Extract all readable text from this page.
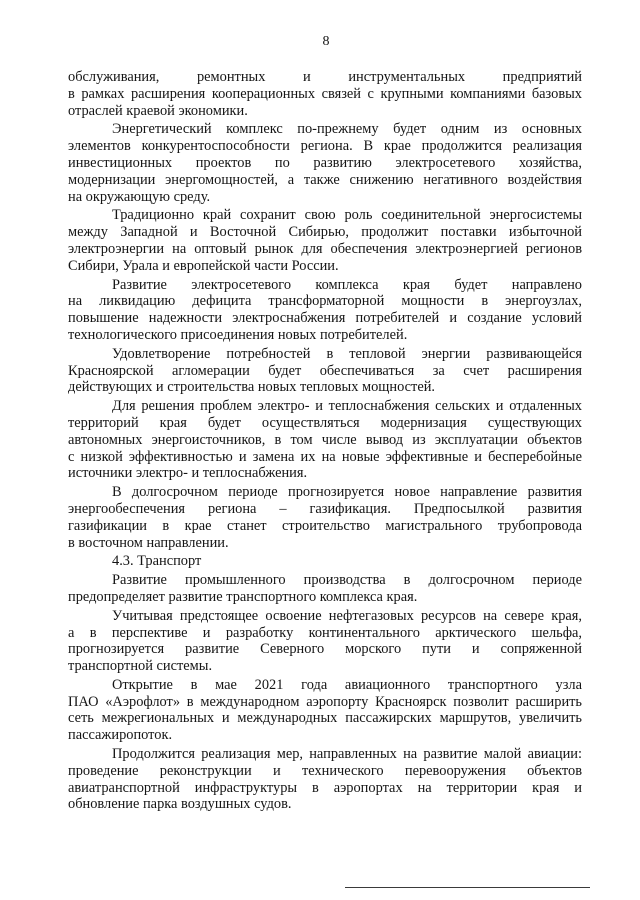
8
обслуживания, ремонтных и инструментальных предприятий
в рамках расширения кооперационных связей с крупными компаниями базовых
отраслей краевой экономики.
Энергетический комплекс по-прежнему будет одним из основных
элементов конкурентоспособности региона. В крае продолжится реализация
инвестиционных проектов по развитию электросетевого хозяйства,
модернизации энергомощностей, а также снижению негативного воздействия
на окружающую среду.
Традиционно край сохранит свою роль соединительной энергосистемы
между Западной и Восточной Сибирью, продолжит поставки избыточной
электроэнергии на оптовый рынок для обеспечения электроэнергией регионов
Сибири, Урала и европейской части России.
Развитие электросетевого комплекса края будет направлено
на ликвидацию дефицита трансформаторной мощности в энергоузлах,
повышение надежности электроснабжения потребителей и создание условий
технологического присоединения новых потребителей.
Удовлетворение потребностей в тепловой энергии развивающейся
Красноярской агломерации будет обеспечиваться за счет расширения
действующих и строительства новых тепловых мощностей.
Для решения проблем электро- и теплоснабжения сельских и отдаленных
территорий края будет осуществляться модернизация существующих
автономных энергоисточников, в том числе вывод из эксплуатации объектов
с низкой эффективностью и замена их на новые эффективные и бесперебойные
источники электро- и теплоснабжения.
В долгосрочном периоде прогнозируется новое направление развития
энергообеспечения региона – газификация. Предпосылкой развития
газификации в крае станет строительство магистрального трубопровода
в восточном направлении.
4.3. Транспорт
Развитие промышленного производства в долгосрочном периоде
предопределяет развитие транспортного комплекса края.
Учитывая предстоящее освоение нефтегазовых ресурсов на севере края,
а в перспективе и разработку континентального арктического шельфа,
прогнозируется развитие Северного морского пути и сопряженной
транспортной системы.
Открытие в мае 2021 года авиационного транспортного узла
ПАО «Аэрофлот» в международном аэропорту Красноярск позволит расширить
сеть межрегиональных и международных пассажирских маршрутов, увеличить
пассажиропоток.
Продолжится реализация мер, направленных на развитие малой авиации:
проведение реконструкции и технического перевооружения объектов
авиатранспортной инфраструктуры в аэропортах на территории края и
обновление парка воздушных судов.
